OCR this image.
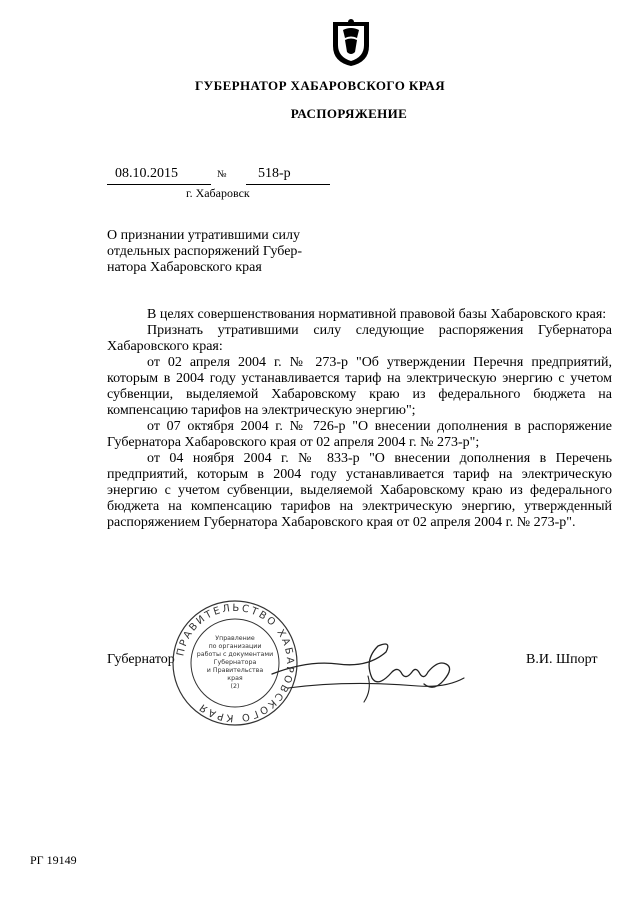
ГУБЕРНАТОР ХАБАРОВСКОГО КРАЯ
РАСПОРЯЖЕНИЕ
08.10.2015	№ 518-р
г. Хабаровск
О признании утратившими силу отдельных распоряжений Губер-
натора Хабаровского края

В целях совершенствования нормативной правовой базы Хабаровского края:

Признать утратившими силу следующие распоряжения Губернатора Хабаровского края:

от 02 апреля 2004 г. № 273-р "Об утверждении Перечня предприятий, которым в 2004 году устанавливается тариф на электрическую энергию с учетом субвенции, выделяемой Хабаровскому краю из федерального бюджета на компенсацию тарифов на электрическую энергию";

от 07 октября 2004 г. № 726-р "О внесении дополнения в распоряжение Губернатора Хабаровского края от 02 апреля 2004 г. № 273-р";

от 04 ноября 2004 г. № 833-р "О внесении дополнения в Перечень предприятий, которым в 2004 году устанавливается тариф на электрическую энергию с учетом субвенции, выделяемой Хабаровскому краю из федерального бюджета на компенсацию тарифов на электрическую энергию, утвержденный распоряжением Губернатора Хабаровского края от 02 апреля 2004 г. № 273-р".

Губернатор	В.И. Шпорт
ПРАВИТЕЛЬСТВО ХАБАРОВСКОГО КРАЯ
Управление
по организации
работы с документами
Губернатора
и Правительства
края
(2)
РГ 19149
